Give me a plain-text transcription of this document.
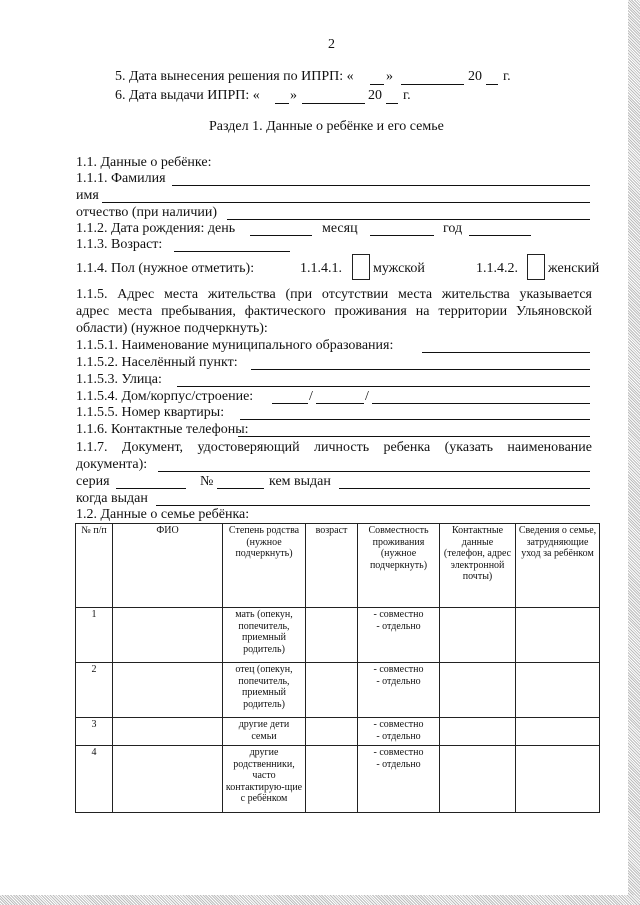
2
5. Дата вынесения решения по ИПРП: « »	20 г.
6. Дата выдачи ИПРП: « »	20 г.
Раздел 1. Данные о ребёнке и его семье
1.1. Данные о ребёнке:
1.1.1. Фамилия
имя
отчество (при наличии)
1.1.2. Дата рождения: день	месяц	год
1.1.3. Возраст:
1.1.4. Пол (нужное отметить):	1.1.4.1. мужской	1.1.4.2. женский
1.1.5. Адрес места жительства (при отсутствии места жительства указывается
адрес места пребывания, фактического проживания на территории Ульяновской
области) (нужное подчеркнуть):
1.1.5.1. Наименование муниципального образования:
1.1.5.2. Населённый пункт:
1.1.5.3. Улица:
1.1.5.4. Дом/корпус/строение:	/	/
1.1.5.5. Номер квартиры:
1.1.6. Контактные телефоны:
1.1.7. Документ, удостоверяющий личность ребенка (указать наименование
документа):
серия	№	кем выдан
когда выдан
1.2. Данные о семье ребёнка:
№ п/п	ФИО	Степень родства (нужное подчеркнуть)	возраст	Совместность проживания (нужное подчеркнуть)	Контактные данные (телефон, адрес электронной почты)	Сведения о семье, затрудняющие уход за ребёнком
1		мать (опекун, попечитель, приемный родитель)		- совместно
- отдельно		

2		отец (опекун, попечитель, приемный родитель)		- совместно
- отдельно		

3		другие дети семьи		- совместно
- отдельно		

4		другие родственники, часто контактирую-щие с ребёнком		- совместно
- отдельно		
